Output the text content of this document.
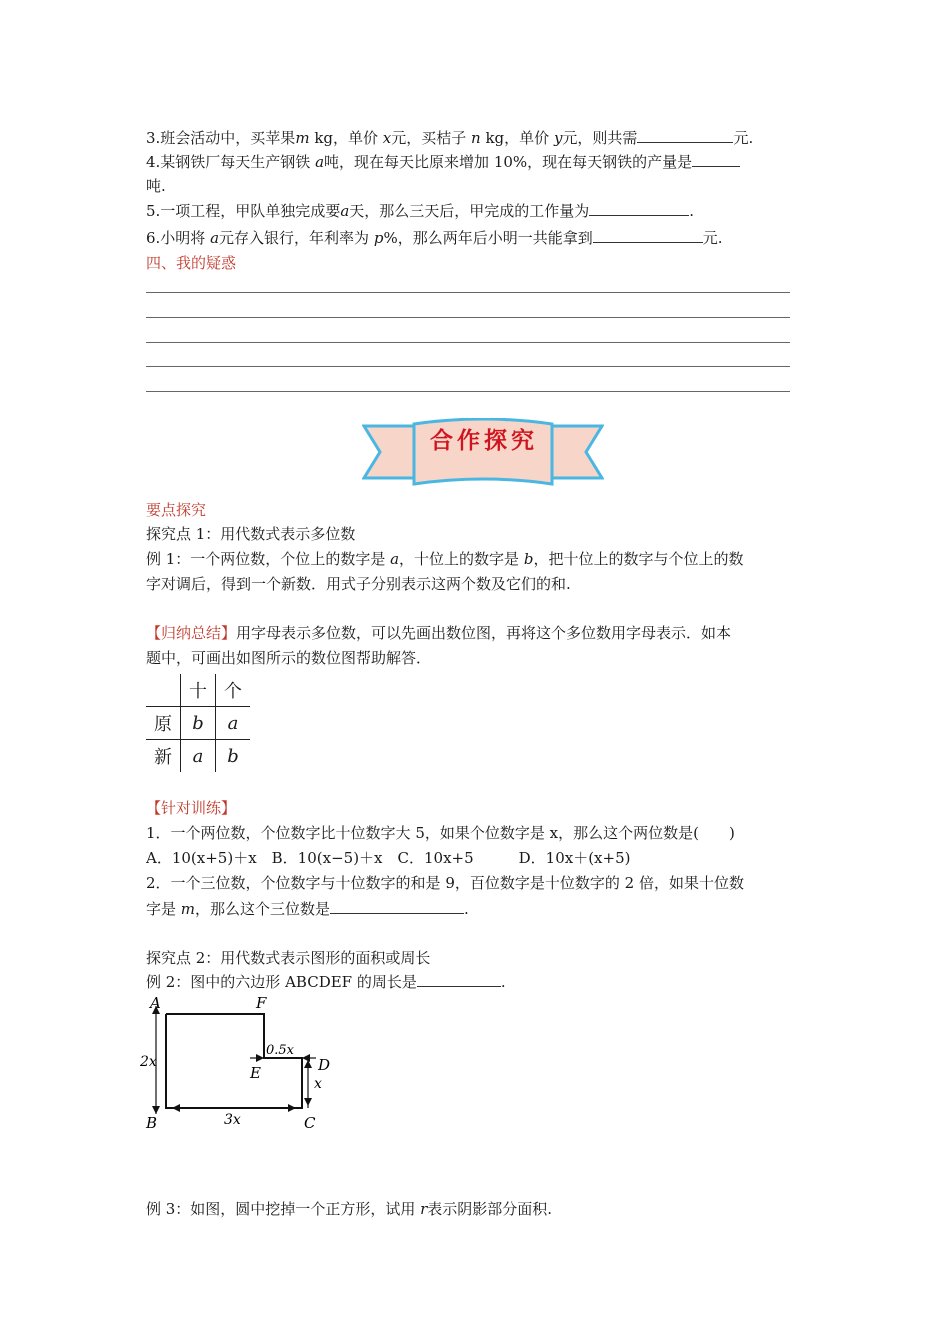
3.班会活动中，买苹果m kg，单价 x元，买桔子 n kg，单价 y元，则共需	元.
4.某钢铁厂每天生产钢铁 a吨，现在每天比原来增加 10%，现在每天钢铁的产量是
吨.
5.一项工程，甲队单独完成要a天，那么三天后，甲完成的工作量为	.
6.小明将 a元存入银行，年利率为 p%，那么两年后小明一共能拿到	元.
四、我的疑惑
合作探究
要点探究
探究点 1：用代数式表示多位数
例 1：一个两位数，个位上的数字是 a，十位上的数字是 b，把十位上的数字与个位上的数
字对调后，得到一个新数．用式子分别表示这两个数及它们的和.
【归纳总结】用字母表示多位数，可以先画出数位图，再将这个多位数用字母表示．如本
题中，可画出如图所示的数位图帮助解答．
	十	个
原	b	a
新	a	b
【针对训练】
1．一个两位数，个位数字比十位数字大 5，如果个位数字是 x，那么这个两位数是(　　)
A．10(x+5)＋x　B．10(x−5)＋x　C．10x+5　　　D．10x＋(x+5)
2．一个三位数，个位数字与十位数字的和是 9，百位数字是十位数字的 2 倍，如果十位数
字是 m，那么这个三位数是	.
探究点 2：用代数式表示图形的面积或周长
例 2：图中的六边形 ABCDEF 的周长是	.
A	F
2x
0.5x
D
E
x
B	3x	C
例 3：如图，圆中挖掉一个正方形，试用 r表示阴影部分面积.
